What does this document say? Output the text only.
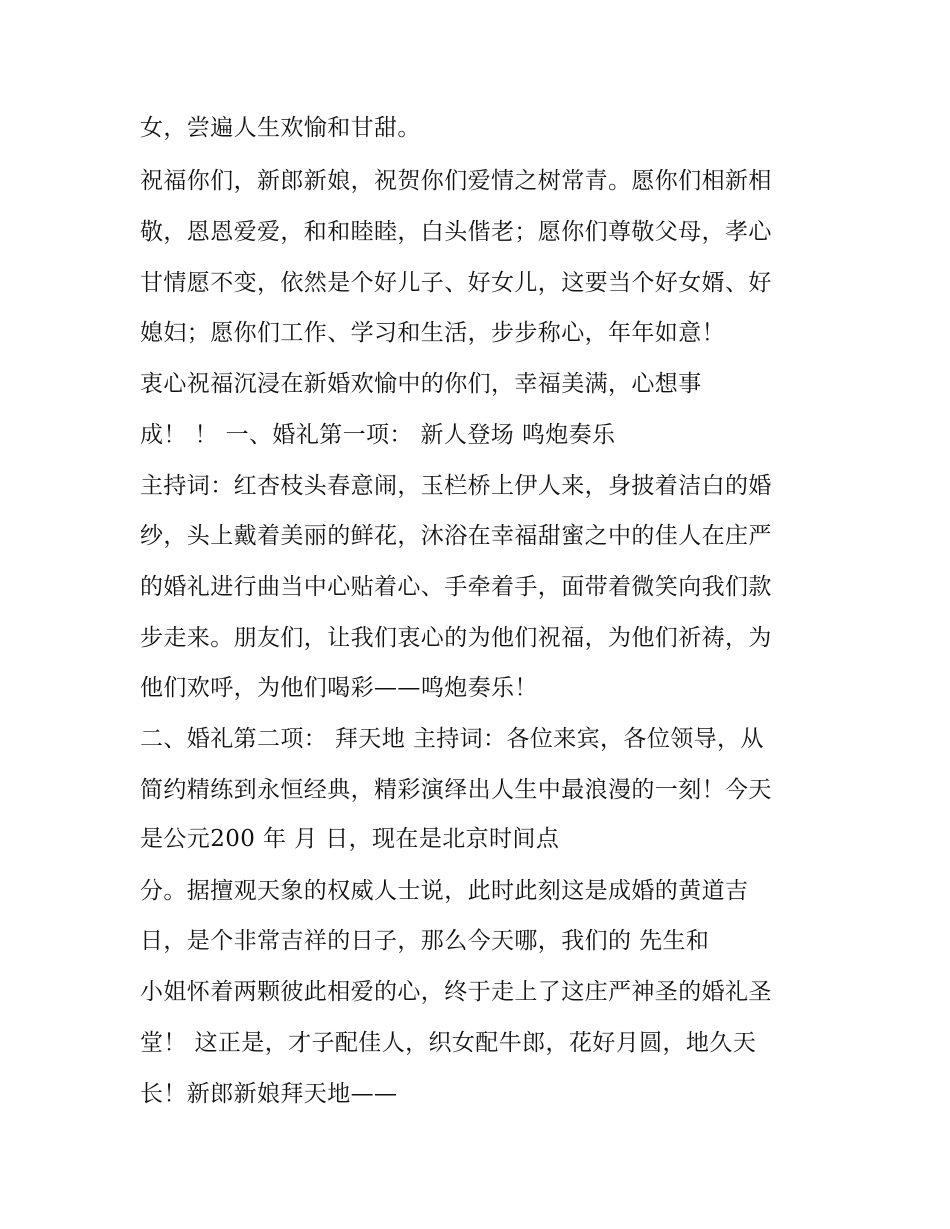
女，尝遍人生欢愉和甘甜。
祝福你们，新郎新娘，祝贺你们爱情之树常青。愿你们相新相
敬，恩恩爱爱，和和睦睦，白头偕老；愿你们尊敬父母，孝心
甘情愿不变，依然是个好儿子、好女儿，这要当个好女婿、好
媳妇；愿你们工作、学习和生活，步步称心，年年如意！
衷心祝福沉浸在新婚欢愉中的你们，幸福美满，心想事
成！ ！ 一、婚礼第一项： 新人登场 鸣炮奏乐
主持词：红杏枝头春意闹，玉栏桥上伊人来，身披着洁白的婚
纱，头上戴着美丽的鲜花，沐浴在幸福甜蜜之中的佳人在庄严
的婚礼进行曲当中心贴着心、手牵着手，面带着微笑向我们款
步走来。朋友们，让我们衷心的为他们祝福，为他们祈祷，为
他们欢呼，为他们喝彩——鸣炮奏乐！
二、婚礼第二项： 拜天地 主持词：各位来宾，各位领导，从
简约精练到永恒经典，精彩演绎出人生中最浪漫的一刻！今天
是公元200 年 月 日，现在是北京时间点
分。据擅观天象的权威人士说，此时此刻这是成婚的黄道吉
日，是个非常吉祥的日子，那么今天哪，我们的 先生和
小姐怀着两颗彼此相爱的心，终于走上了这庄严神圣的婚礼圣
堂！ 这正是，才子配佳人，织女配牛郎，花好月圆，地久天
长！新郎新娘拜天地——
